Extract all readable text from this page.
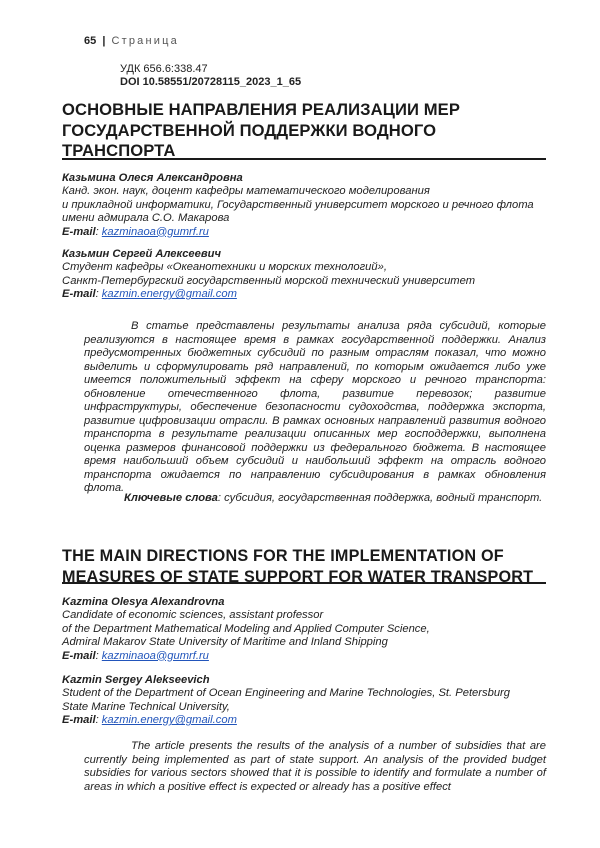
65 | Страница
УДК 656.6:338.47
DOI 10.58551/20728115_2023_1_65
ОСНОВНЫЕ НАПРАВЛЕНИЯ РЕАЛИЗАЦИИ МЕР ГОСУДАРСТВЕННОЙ ПОДДЕРЖКИ ВОДНОГО ТРАНСПОРТА
Казьмина Олеся Александровна
Канд. экон. наук, доцент кафедры математического моделирования
и прикладной информатики, Государственный университет морского и речного флота
имени адмирала С.О. Макарова
E-mail: kazminaoa@gumrf.ru
Казьмин Сергей Алексеевич
Студент кафедры «Океанотехники и морских технологий»,
Санкт-Петербургский государственный морской технический университет
E-mail: kazmin.energy@gmail.com

В статье представлены результаты анализа ряда субсидий, которые реализуются в настоящее время в рамках государственной поддержки. Анализ предусмотренных бюджетных субсидий по разным отраслям показал, что можно выделить и сформулировать ряд направлений, по которым ожидается либо уже имеется положительный эффект на сферу морского и речного транспорта: обновление отечественного флота, развитие перевозок; развитие инфраструктуры, обеспечение безопасности судоходства, поддержка экспорта, развитие цифровизации отрасли. В рамках основных направлений развития водного транспорта в результате реализации описанных мер господдержки, выполнена оценка размеров финансовой поддержки из федерального бюджета. В настоящее время наибольший объем субсидий и наибольший эффект на отрасль водного транспорта ожидается по направлению субсидирования в рамках обновления флота.

Ключевые слова: субсидия, государственная поддержка, водный транспорт.

THE MAIN DIRECTIONS FOR THE IMPLEMENTATION OF MEASURES OF STATE SUPPORT FOR WATER TRANSPORT
Kazmina Olesya Alexandrovna
Candidate of economic sciences, assistant professor
of the Department Mathematical Modeling and Applied Computer Science,
Admiral Makarov State University of Maritime and Inland Shipping
E-mail: kazminaoa@gumrf.ru
Kazmin Sergey Alekseevich
Student of the Department of Ocean Engineering and Marine Technologies, St. Petersburg
State Marine Technical University,
E-mail: kazmin.energy@gmail.com

The article presents the results of the analysis of a number of subsidies that are currently being implemented as part of state support. An analysis of the provided budget subsidies for various sectors showed that it is possible to identify and formulate a number of areas in which a positive effect is expected or already has a positive effect
